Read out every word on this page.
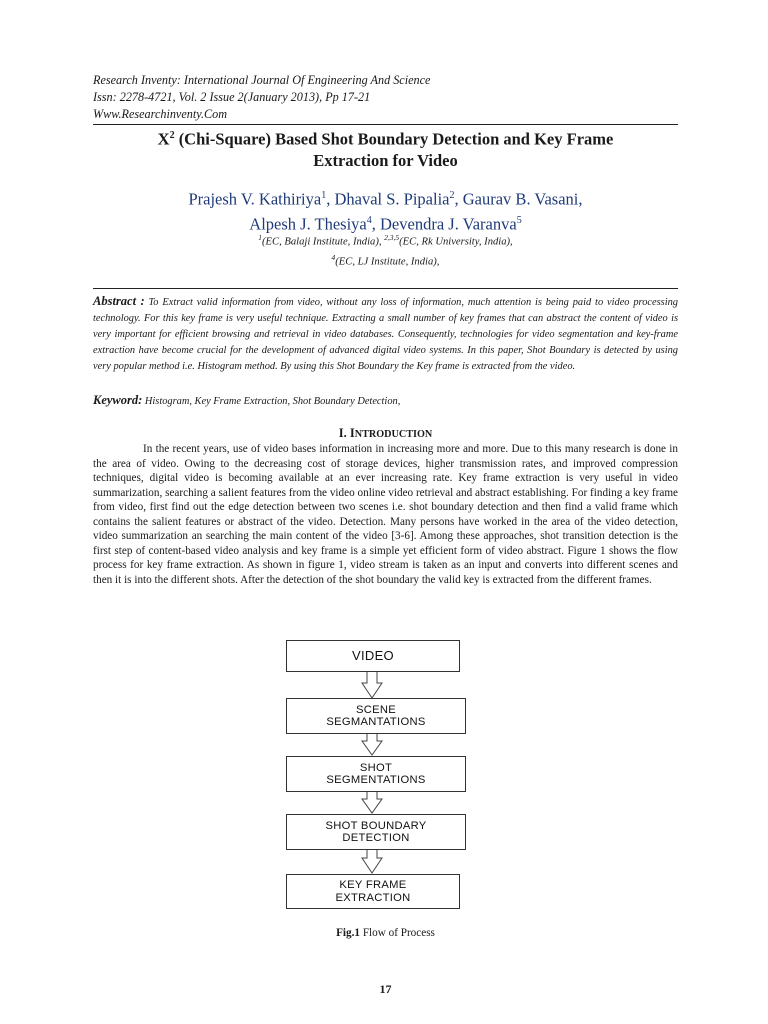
Research Inventy: International Journal Of Engineering And Science
Issn: 2278-4721, Vol. 2 Issue 2(January 2013), Pp 17-21
Www.Researchinventy.Com
$X^2$ (Chi-Square) Based Shot Boundary Detection and Key Frame
Extraction for Video
Prajesh V. Kathiriya$^1$, Dhaval S. Pipalia$^2$, Gaurav B. Vasani,
Alpesh J. Thesiya$^4$, Devendra J. Varanva$^5$
$^1$(EC, Balaji Institute, India), $^{2,3,5}$(EC, Rk University, India),
$^4$(EC, LJ Institute, India),
Abstract : To Extract valid information from video, without any loss of information, much attention is being paid to video processing technology. For this key frame is very useful technique. Extracting a small number of key frames that can abstract the content of video is very important for efficient browsing and retrieval in video databases. Consequently, technologies for video segmentation and key-frame extraction have become crucial for the development of advanced digital video systems. In this paper, Shot Boundary is detected by using very popular method i.e. Histogram method. By using this Shot Boundary the Key frame is extracted from the video.
Keyword: Histogram, Key Frame Extraction, Shot Boundary Detection,
I. INTRODUCTION

In the recent years, use of video bases information in increasing more and more. Due to this many research is done in the area of video. Owing to the decreasing cost of storage devices, higher transmission rates, and improved compression techniques, digital video is becoming available at an ever increasing rate. Key frame extraction is very useful in video summarization, searching a salient features from the video online video retrieval and abstract establishing. For finding a key frame from video, first find out the edge detection between two scenes i.e. shot boundary detection and then find a valid frame which contains the salient features or abstract of the video. Detection. Many persons have worked in the area of the video detection, video summarization an searching the main content of the video [3-6]. Among these approaches, shot transition detection is the first step of content-based video analysis and key frame is a simple yet efficient form of video abstract. Figure 1 shows the flow process for key frame extraction. As shown in figure 1, video stream is taken as an input and converts into different scenes and then it is into the different shots. After the detection of the shot boundary the valid key is extracted from the different frames.

VIDEO
SCENE
SEGMANTATIONS
SHOT
SEGMENTATIONS
SHOT BOUNDARY
DETECTION
KEY FRAME
EXTRACTION
Fig.1 Flow of Process
17
